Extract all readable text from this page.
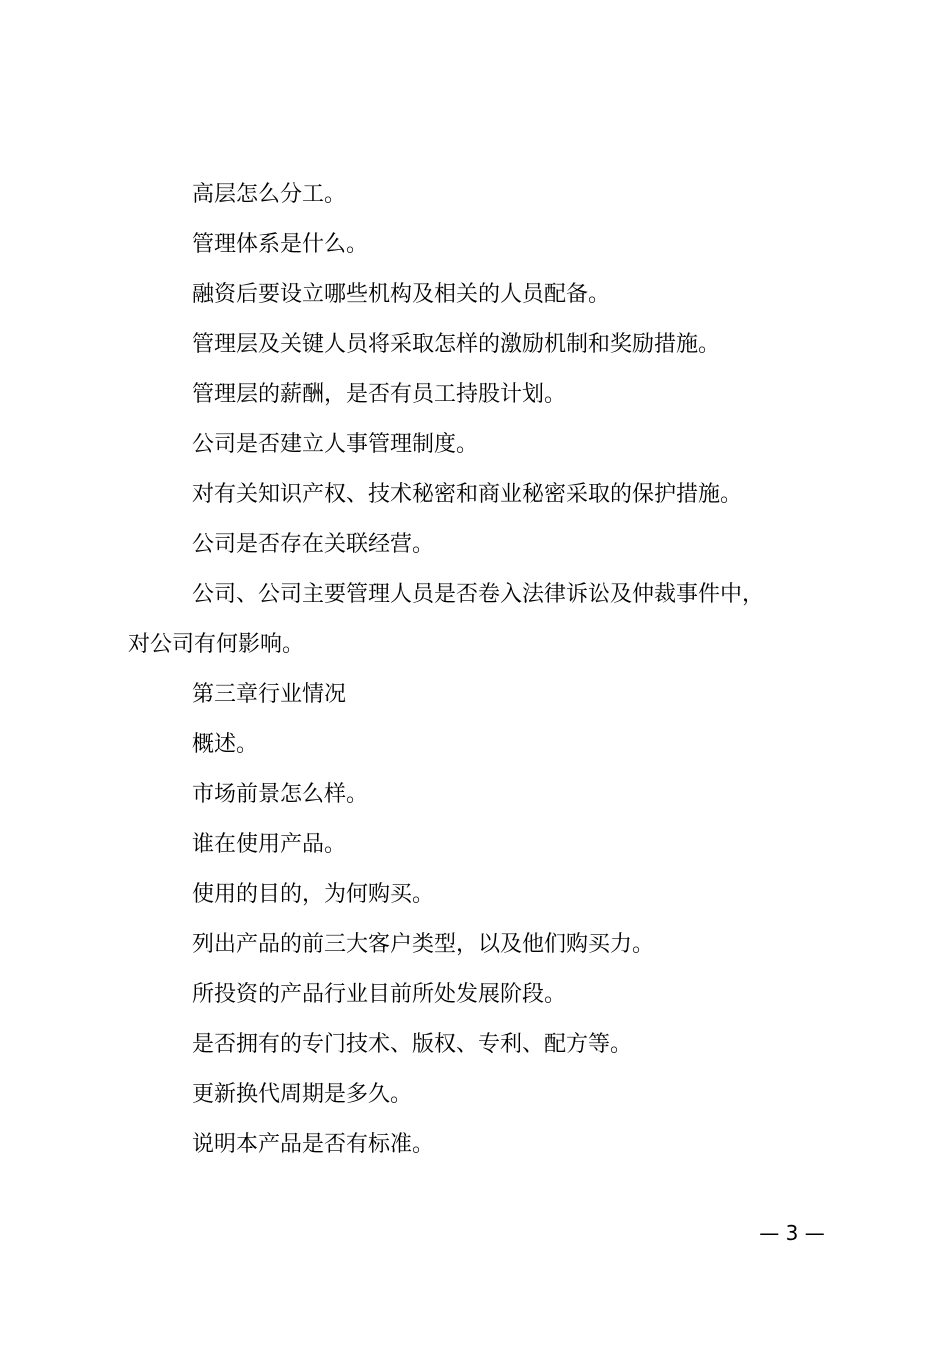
高层怎么分工。

管理体系是什么。

融资后要设立哪些机构及相关的人员配备。

管理层及关键人员将采取怎样的激励机制和奖励措施。

管理层的薪酬，是否有员工持股计划。

公司是否建立人事管理制度。

对有关知识产权、技术秘密和商业秘密采取的保护措施。

公司是否存在关联经营。

公司、公司主要管理人员是否卷入法律诉讼及仲裁事件中，

对公司有何影响。

第三章行业情况

概述。

市场前景怎么样。

谁在使用产品。

使用的目的，为何购买。

列出产品的前三大客户类型，以及他们购买力。

所投资的产品行业目前所处发展阶段。

是否拥有的专门技术、版权、专利、配方等。

更新换代周期是多久。

说明本产品是否有标准。

— 3 —
